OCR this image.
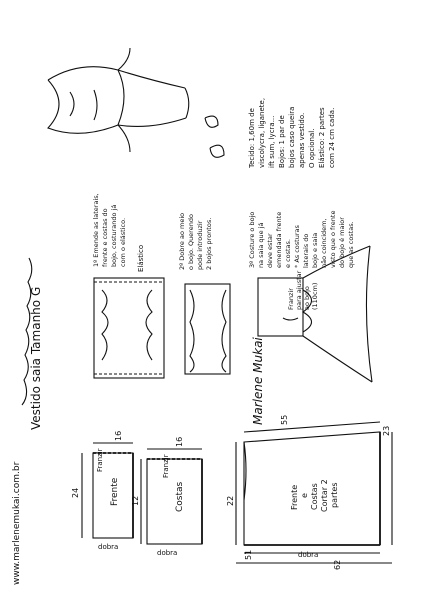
www.marlenemukai.com.br
Vestido saia Tamanho G	Marlene Mukai
Frente
Franzir
dobra
24
16
Costas
Franzir
dobra
12
16
Frente e Costas Cortar 2 partes
dobra
55
23
22
51
62
Elástico
1º Emende as laterais, frente e costas do bojo, costurando já com o elástico.	2º Dobre ao meio o bojo. Querendo pode introduzir 2 bojos prontos.	3º Costure o bojo na saia que já deve estar emendada frente e costas. * As costuras laterais do bojo e saia não coincidem, visto que o frente do bojo é maior que as costas.
Franzir para ajustar ao bojo (110cm)
Tecido: 1,60m de viscolycra, liganete, ift sum, lycra... Bojos: 1 par de bojos caso queira apenas vestido. O opcional. Elástico: 2 partes com 24 cm cada.
